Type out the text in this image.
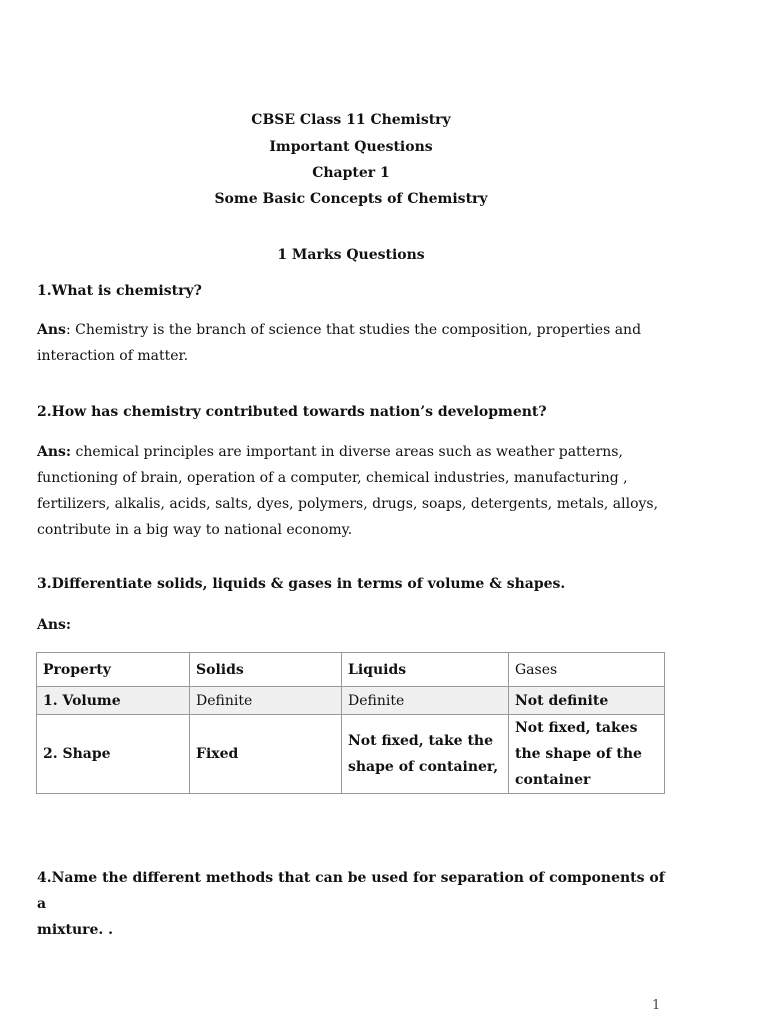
CBSE Class 11 Chemistry
Important Questions
Chapter 1
Some Basic Concepts of Chemistry
1 Marks Questions
1.What is chemistry?
Ans: Chemistry is the branch of science that studies the composition, properties and
interaction of matter.
2.How has chemistry contributed towards nation’s development?
Ans: chemical principles are important in diverse areas such as weather patterns,
functioning of brain, operation of a computer, chemical industries, manufacturing ,
fertilizers, alkalis, acids, salts, dyes, polymers, drugs, soaps, detergents, metals, alloys,
contribute in a big way to national economy.
3.Differentiate solids, liquids & gases in terms of volume & shapes.
Ans:
Property	Solids	Liquids	Gases
1. Volume	Definite	Definite	Not definite
2. Shape	Fixed	Not fixed, take the shape of container,	Not fixed, takes the shape of the container
4.Name the different methods that can be used for separation of components of a
mixture. .
1
